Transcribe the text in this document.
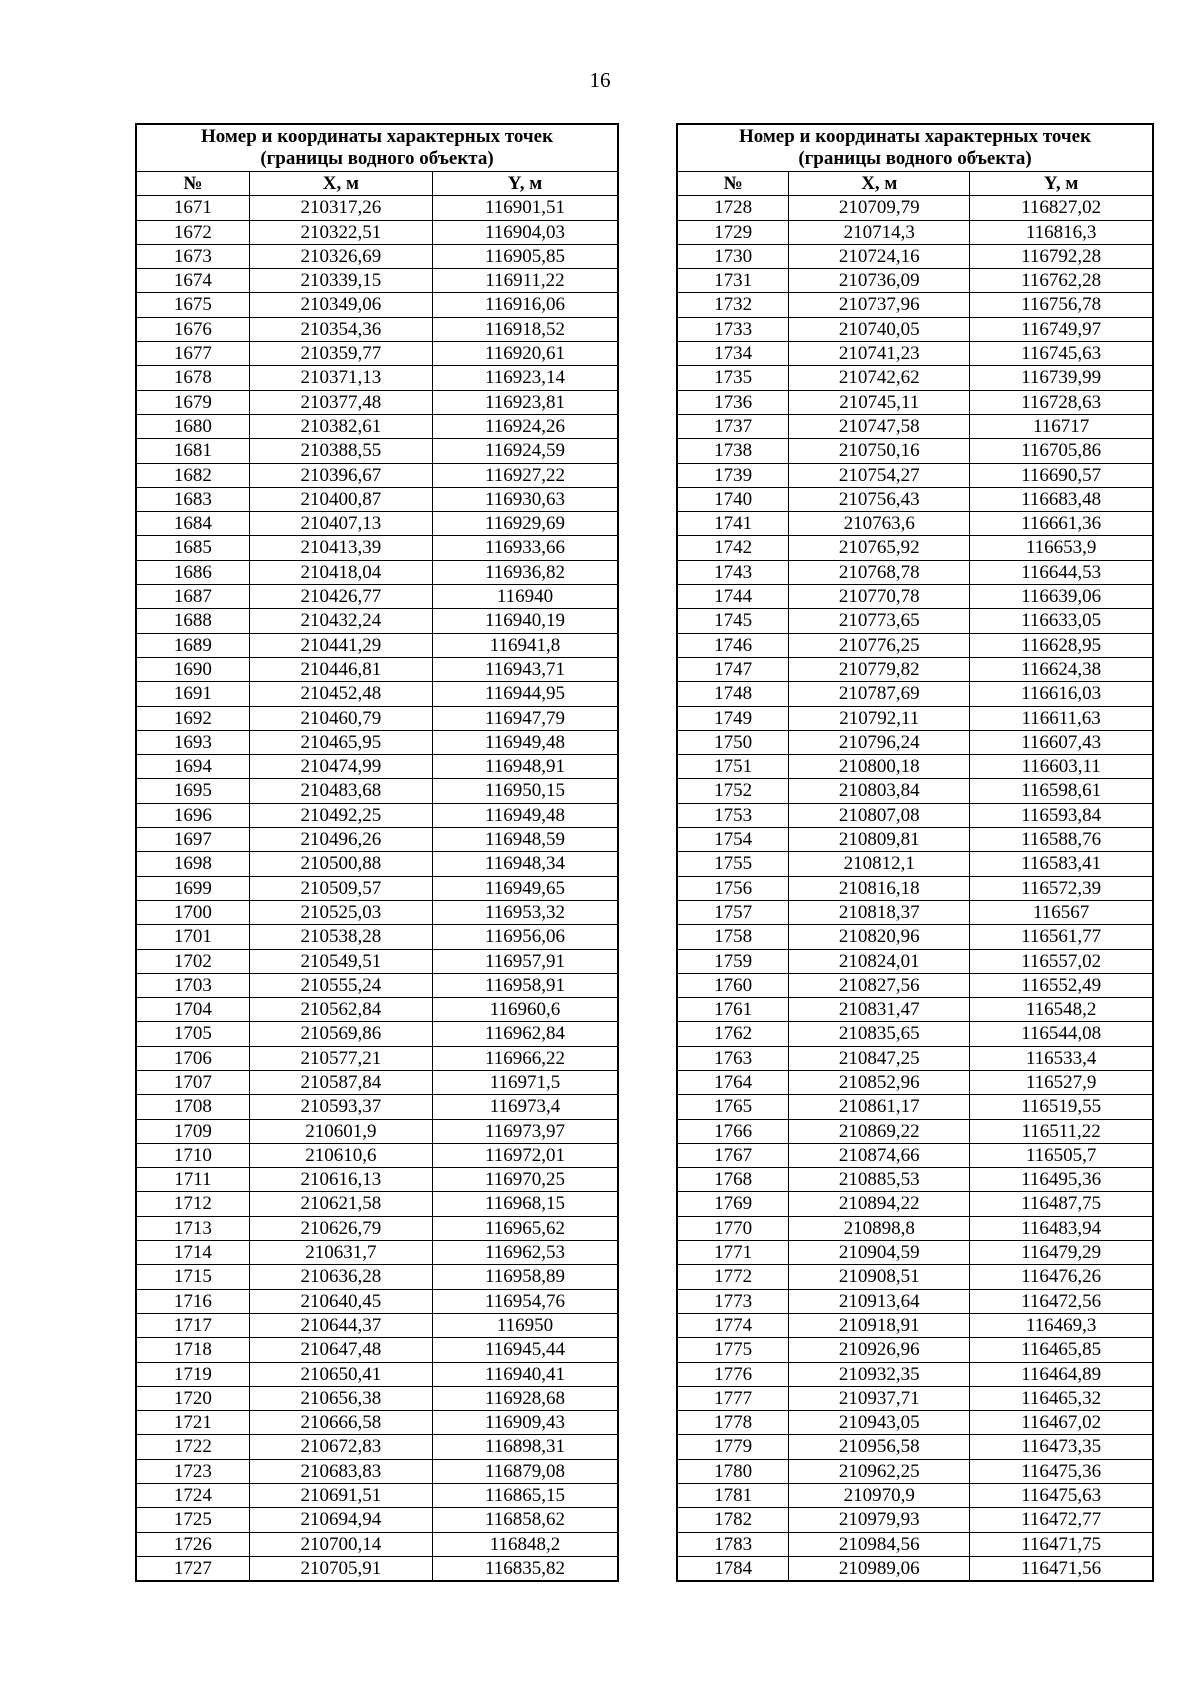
16
Номер и координаты характерных точек
(границы водного объекта)		

№	X, м	Y, м
1671	210317,26	116901,51
1672	210322,51	116904,03
1673	210326,69	116905,85
1674	210339,15	116911,22
1675	210349,06	116916,06
1676	210354,36	116918,52
1677	210359,77	116920,61
1678	210371,13	116923,14
1679	210377,48	116923,81
1680	210382,61	116924,26
1681	210388,55	116924,59
1682	210396,67	116927,22
1683	210400,87	116930,63
1684	210407,13	116929,69
1685	210413,39	116933,66
1686	210418,04	116936,82
1687	210426,77	116940
1688	210432,24	116940,19
1689	210441,29	116941,8
1690	210446,81	116943,71
1691	210452,48	116944,95
1692	210460,79	116947,79
1693	210465,95	116949,48
1694	210474,99	116948,91
1695	210483,68	116950,15
1696	210492,25	116949,48
1697	210496,26	116948,59
1698	210500,88	116948,34
1699	210509,57	116949,65
1700	210525,03	116953,32
1701	210538,28	116956,06
1702	210549,51	116957,91
1703	210555,24	116958,91
1704	210562,84	116960,6
1705	210569,86	116962,84
1706	210577,21	116966,22
1707	210587,84	116971,5
1708	210593,37	116973,4
1709	210601,9	116973,97
1710	210610,6	116972,01
1711	210616,13	116970,25
1712	210621,58	116968,15
1713	210626,79	116965,62
1714	210631,7	116962,53
1715	210636,28	116958,89
1716	210640,45	116954,76
1717	210644,37	116950
1718	210647,48	116945,44
1719	210650,41	116940,41
1720	210656,38	116928,68
1721	210666,58	116909,43
1722	210672,83	116898,31
1723	210683,83	116879,08
1724	210691,51	116865,15
1725	210694,94	116858,62
1726	210700,14	116848,2
1727	210705,91	116835,82
Номер и координаты характерных точек
(границы водного объекта)		

№	X, м	Y, м
1728	210709,79	116827,02
1729	210714,3	116816,3
1730	210724,16	116792,28
1731	210736,09	116762,28
1732	210737,96	116756,78
1733	210740,05	116749,97
1734	210741,23	116745,63
1735	210742,62	116739,99
1736	210745,11	116728,63
1737	210747,58	116717
1738	210750,16	116705,86
1739	210754,27	116690,57
1740	210756,43	116683,48
1741	210763,6	116661,36
1742	210765,92	116653,9
1743	210768,78	116644,53
1744	210770,78	116639,06
1745	210773,65	116633,05
1746	210776,25	116628,95
1747	210779,82	116624,38
1748	210787,69	116616,03
1749	210792,11	116611,63
1750	210796,24	116607,43
1751	210800,18	116603,11
1752	210803,84	116598,61
1753	210807,08	116593,84
1754	210809,81	116588,76
1755	210812,1	116583,41
1756	210816,18	116572,39
1757	210818,37	116567
1758	210820,96	116561,77
1759	210824,01	116557,02
1760	210827,56	116552,49
1761	210831,47	116548,2
1762	210835,65	116544,08
1763	210847,25	116533,4
1764	210852,96	116527,9
1765	210861,17	116519,55
1766	210869,22	116511,22
1767	210874,66	116505,7
1768	210885,53	116495,36
1769	210894,22	116487,75
1770	210898,8	116483,94
1771	210904,59	116479,29
1772	210908,51	116476,26
1773	210913,64	116472,56
1774	210918,91	116469,3
1775	210926,96	116465,85
1776	210932,35	116464,89
1777	210937,71	116465,32
1778	210943,05	116467,02
1779	210956,58	116473,35
1780	210962,25	116475,36
1781	210970,9	116475,63
1782	210979,93	116472,77
1783	210984,56	116471,75
1784	210989,06	116471,56
